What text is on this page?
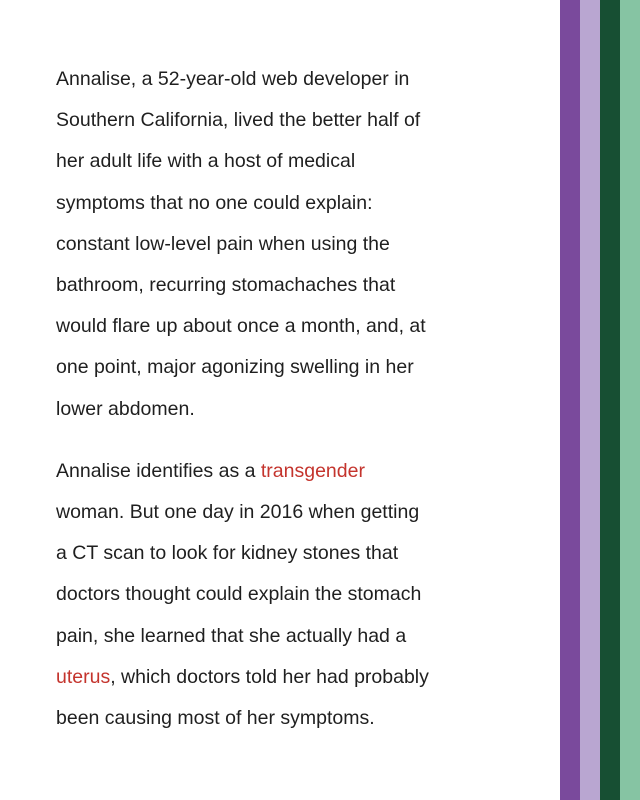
Annalise, a 52-year-old web developer in
Southern California, lived the better half of
her adult life with a host of medical
symptoms that no one could explain:
constant low-level pain when using the
bathroom, recurring stomachaches that
would flare up about once a month, and, at
one point, major agonizing swelling in her
lower abdomen.

Annalise identifies as a transgender
woman. But one day in 2016 when getting
a CT scan to look for kidney stones that
doctors thought could explain the stomach
pain, she learned that she actually had a
uterus, which doctors told her had probably
been causing most of her symptoms.
